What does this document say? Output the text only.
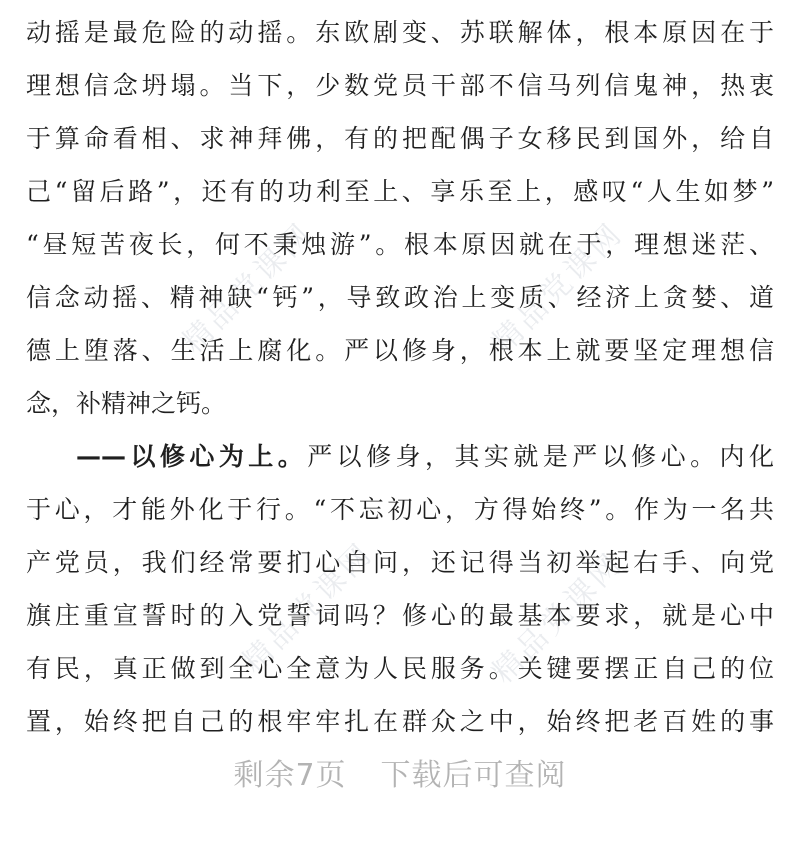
精品党课网	精品党课网
精品党课网	精品党课网
动摇是最危险的动摇。东欧剧变、苏联解体，根本原因在于
理想信念坍塌。当下，少数党员干部不信马列信鬼神，热衷
于算命看相、求神拜佛，有的把配偶子女移民到国外，给自
己“留后路”，还有的功利至上、享乐至上，感叹“人生如梦”
“昼短苦夜长，何不秉烛游”。根本原因就在于，理想迷茫、
信念动摇、精神缺“钙”，导致政治上变质、经济上贪婪、道
德上堕落、生活上腐化。严以修身，根本上就要坚定理想信
念，补精神之钙。
——以修心为上。严以修身，其实就是严以修心。内化
于心，才能外化于行。“不忘初心，方得始终”。作为一名共
产党员，我们经常要扪心自问，还记得当初举起右手、向党
旗庄重宣誓时的入党誓词吗？修心的最基本要求，就是心中
有民，真正做到全心全意为人民服务。关键要摆正自己的位
置，始终把自己的根牢牢扎在群众之中，始终把老百姓的事
剩余7页 下载后可查阅
